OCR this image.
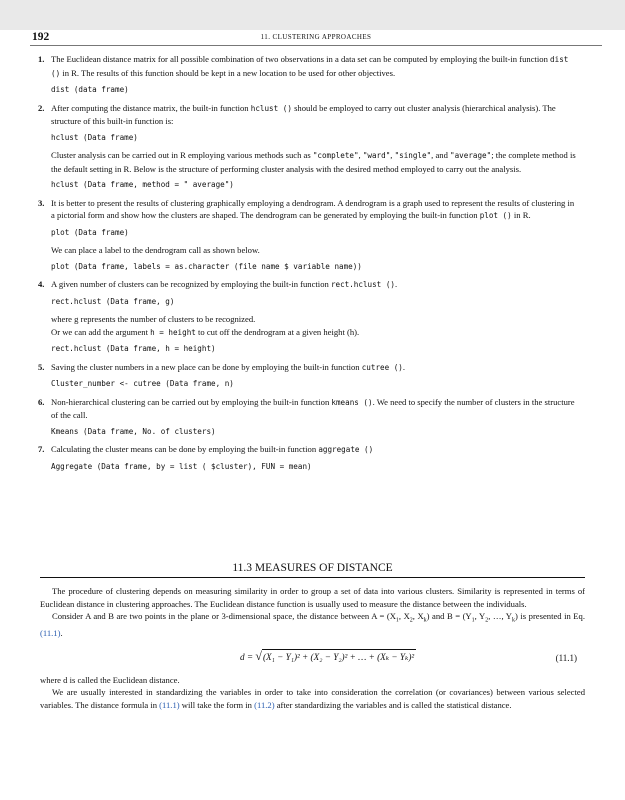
192	11. CLUSTERING APPROACHES
1. The Euclidean distance matrix for all possible combination of two observations in a data set can be computed by employing the built-in function dist () in R. The results of this function should be kept in a new location to be used for other objectives.
dist (data frame)
2. After computing the distance matrix, the built-in function hclust () should be employed to carry out cluster analysis (hierarchical analysis). The structure of this built-in function is:
hclust (Data frame)
Cluster analysis can be carried out in R employing various methods such as "complete", "ward", "single", and "average"; the complete method is the default setting in R. Below is the structure of performing cluster analysis with the desired method employed to carry out the analysis.
hclust (Data frame, method = " average")
3. It is better to present the results of clustering graphically employing a dendrogram. A dendrogram is a graph used to represent the results of clustering in a pictorial form and show how the clusters are shaped. The dendrogram can be generated by employing the built-in function plot () in R.
plot (Data frame)
We can place a label to the dendrogram call as shown below.
plot (Data frame, labels = as.character (file name $ variable name))
4. A given number of clusters can be recognized by employing the built-in function rect.hclust ().
rect.hclust (Data frame, g)
where g represents the number of clusters to be recognized.
Or we can add the argument h = height to cut off the dendrogram at a given height (h).
rect.hclust (Data frame, h = height)
5. Saving the cluster numbers in a new place can be done by employing the built-in function cutree ().
Cluster_number <- cutree (Data frame, n)
6. Non-hierarchical clustering can be carried out by employing the built-in function kmeans (). We need to specify the number of clusters in the structure of the call.
Kmeans (Data frame, No. of clusters)
7. Calculating the cluster means can be done by employing the built-in function aggregate ()
Aggregate (Data frame, by = list ( $cluster), FUN = mean)
11.3 MEASURES OF DISTANCE

The procedure of clustering depends on measuring similarity in order to group a set of data into various clusters. Similarity is represented in terms of Euclidean distance in clustering approaches. The Euclidean distance function is usually used to measure the distance between the individuals.

Consider A and B are two points in the plane or 3-dimensional space, the distance between $A = (X_1$, $X_2$, $X_k$) and $B = (Y_1$, $Y_2$, …, $Y_k$) is presented in Eq. (11.1).

d = √(X₁ − Y₁)² + (X₂ − Y₂)² + … + (Xₖ − Yₖ)²	(11.1)

where d is called the Euclidean distance.

We are usually interested in standardizing the variables in order to take into consideration the correlation (or covariances) between various selected variables. The distance formula in (11.1) will take the form in (11.2) after standardizing the variables and is called the statistical distance.
